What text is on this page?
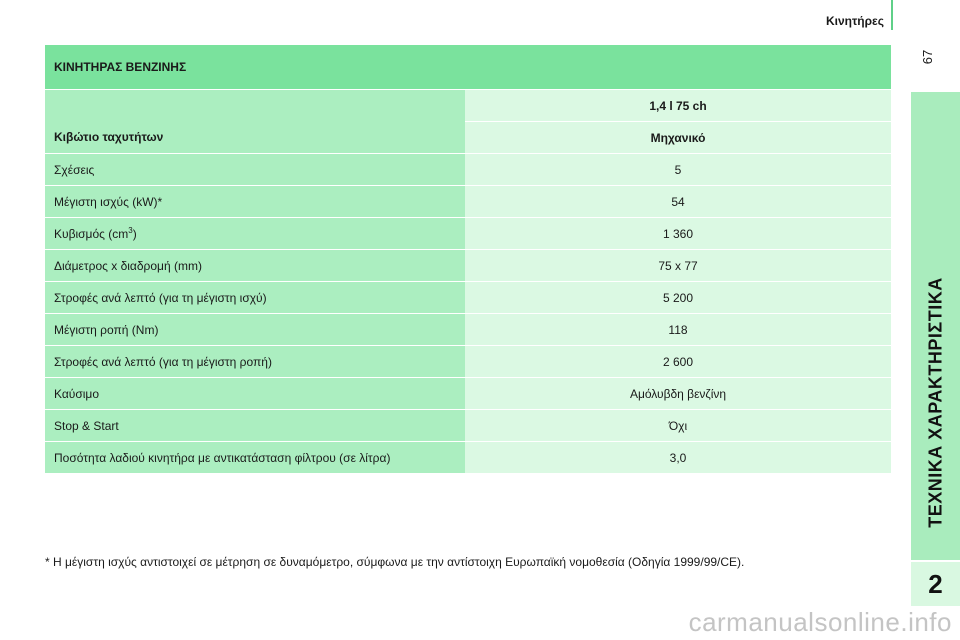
Κινητήρες
67
ΤΕΧΝΙΚΑ ΧΑΡΑΚΤΗΡΙΣΤΙΚΑ
2
ΚΙΝΗΤΗΡΑΣ ΒΕΝΖΙΝΗΣ	
Κιβώτιο ταχυτήτων	1,4 l 75 ch
	Μηχανικό
Σχέσεις	5
Μέγιστη ισχύς (kW)*	54
Κυβισμός $(cm^3)$	1 360
Διάμετρος x διαδρομή (mm)	75 x 77
Στροφές ανά λεπτό (για τη μέγιστη ισχύ)	5 200
Μέγιστη ροπή (Nm)	118
Στροφές ανά λεπτό (για τη μέγιστη ροπή)	2 600
Καύσιμο	Αμόλυβδη βενζίνη
Stop & Start	Όχι
Ποσότητα λαδιού κινητήρα με αντικατάσταση φίλτρου (σε λίτρα)	3,0
* Η μέγιστη ισχύς αντιστοιχεί σε μέτρηση σε δυναμόμετρο, σύμφωνα με την αντίστοιχη Ευρωπαϊκή νομοθεσία (Οδηγία 1999/99/CE).
carmanualsonline.info
